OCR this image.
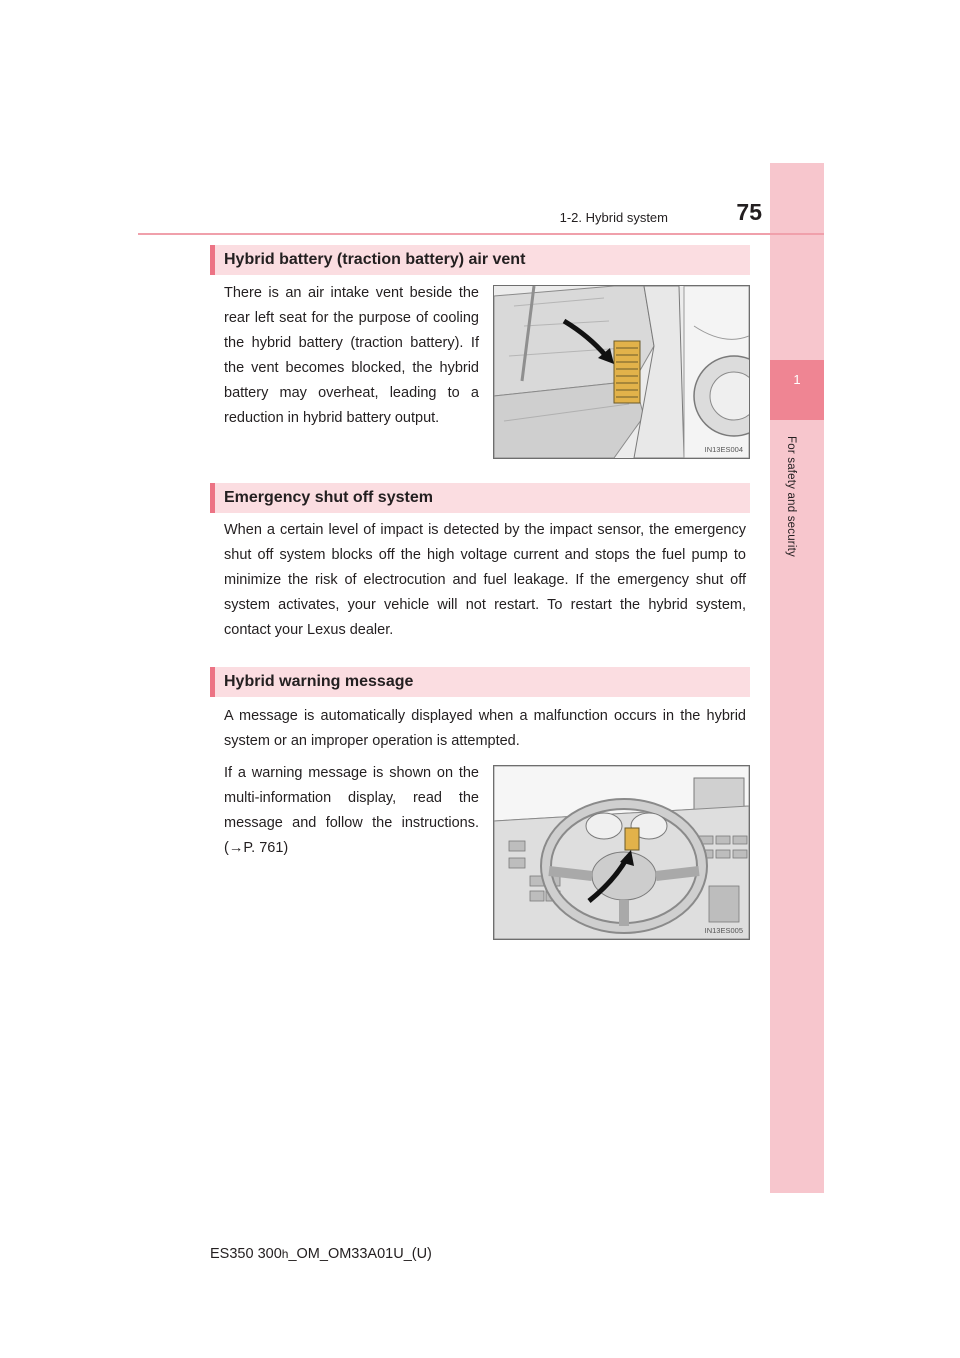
1
For safety and security
1-2. Hybrid system	75
Hybrid battery (traction battery) air vent

There is an air intake vent beside the rear left seat for the purpose of cooling the hybrid battery (traction battery). If the vent becomes blocked, the hybrid battery may overheat, leading to a reduction in hybrid battery output.

IN13ES004
Emergency shut off system

When a certain level of impact is detected by the impact sensor, the emergency shut off system blocks off the high voltage current and stops the fuel pump to minimize the risk of electrocution and fuel leakage. If the emergency shut off system activates, your vehicle will not restart. To restart the hybrid system, contact your Lexus dealer.

Hybrid warning message

A message is automatically displayed when a malfunction occurs in the hybrid system or an improper operation is attempted.

If a warning message is shown on the multi-information display, read the message and follow the instructions. (→P. 761)

IN13ES005
ES350 300h_OM_OM33A01U_(U)
